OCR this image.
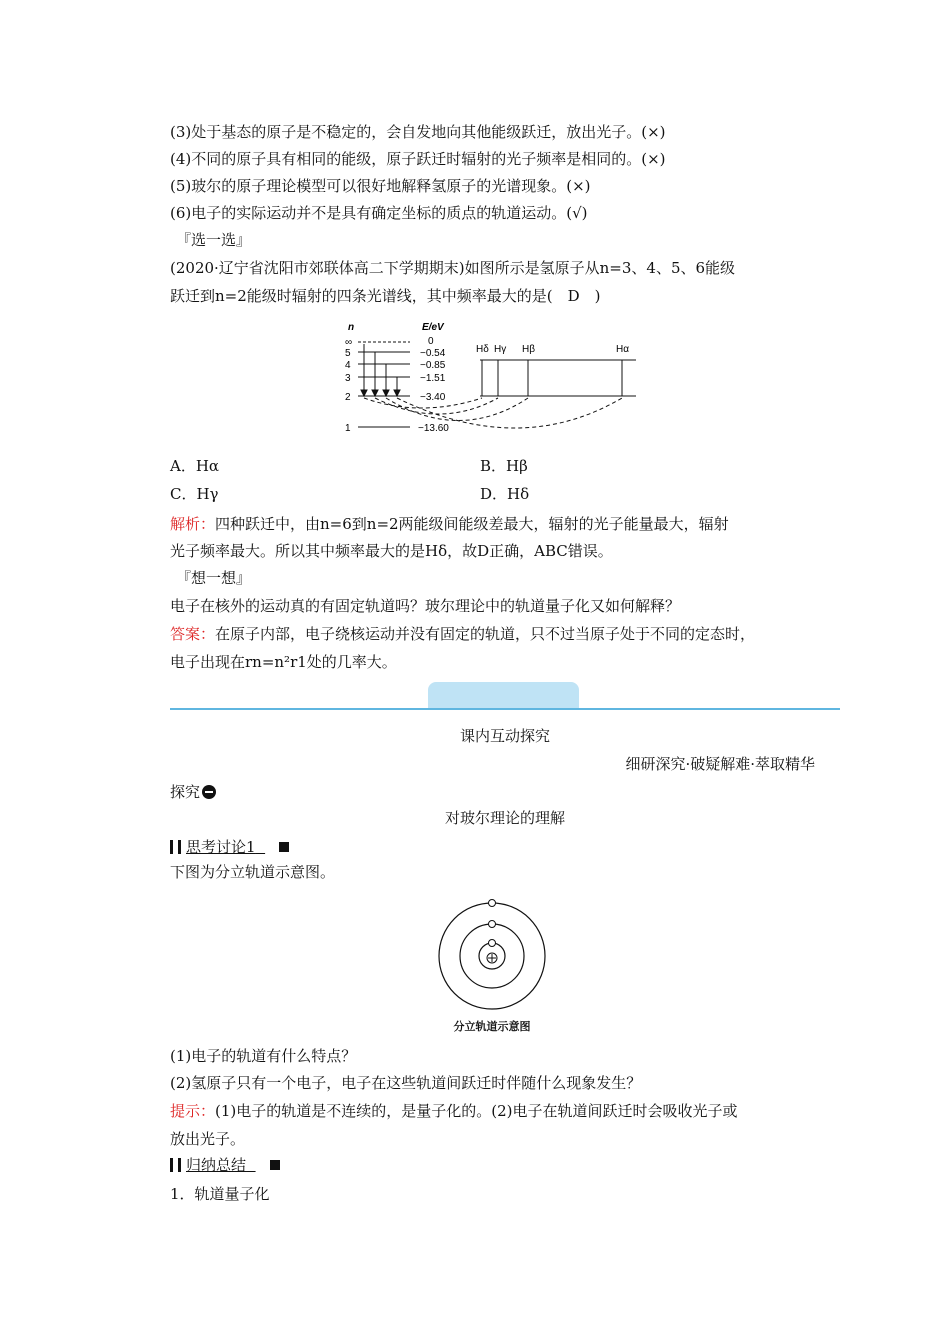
(3)处于基态的原子是不稳定的，会自发地向其他能级跃迁，放出光子。(×)
(4)不同的原子具有相同的能级，原子跃迁时辐射的光子频率是相同的。(×)
(5)玻尔的原子理论模型可以很好地解释氢原子的光谱现象。(×)
(6)电子的实际运动并不是具有确定坐标的质点的轨道运动。(√)
『选一选』
(2020·辽宁省沈阳市郊联体高二下学期期末)如图所示是氢原子从n=3、4、5、6能级
跃迁到n=2能级时辐射的四条光谱线，其中频率最大的是(　D　)
n	E/eV
∞
5
4
3
2
1
0
−0.54
−0.85
−1.51
−3.40
−13.60
Hδ Hγ Hβ	Hα
A．Hα	B．Hβ
C．Hγ	D．Hδ
解析：四种跃迁中，由n=6到n=2两能级间能级差最大，辐射的光子能量最大，辐射
光子频率最大。所以其中频率最大的是Hδ，故D正确，ABC错误。
『想一想』
电子在核外的运动真的有固定轨道吗？玻尔理论中的轨道量子化又如何解释？
答案：在原子内部，电子绕核运动并没有固定的轨道，只不过当原子处于不同的定态时，
电子出现在rn=n²r1处的几率大。
课内互动探究
细研深究·破疑解难·萃取精华
探究
对玻尔理论的理解
思考讨论1
下图为分立轨道示意图。
分立轨道示意图
(1)电子的轨道有什么特点？
(2)氢原子只有一个电子，电子在这些轨道间跃迁时伴随什么现象发生？
提示：(1)电子的轨道是不连续的，是量子化的。(2)电子在轨道间跃迁时会吸收光子或
放出光子。
归纳总结
1．轨道量子化
